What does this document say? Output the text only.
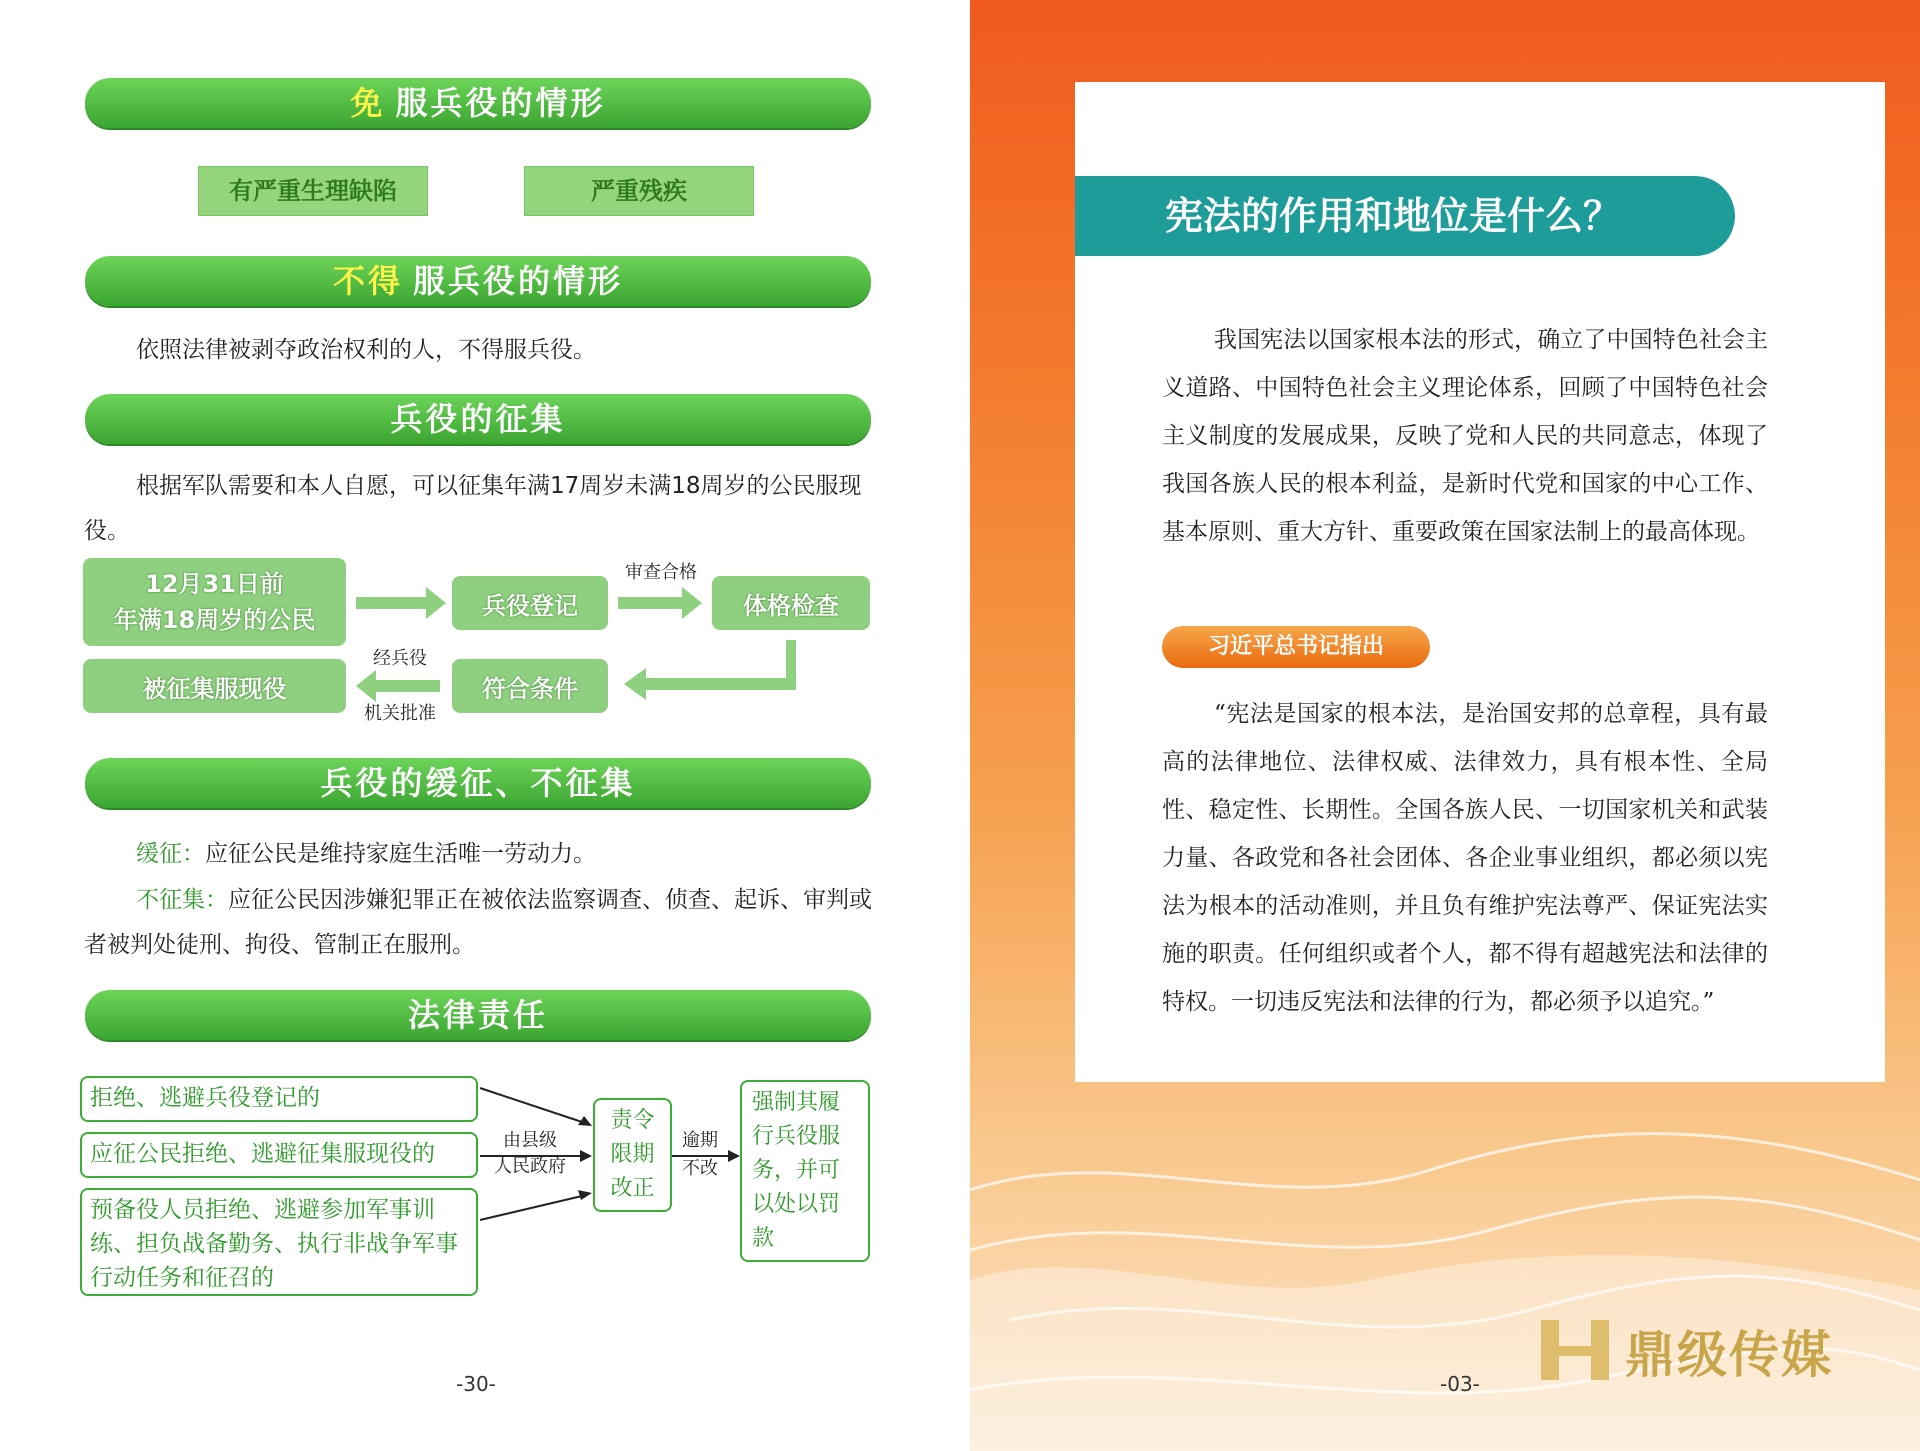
免 服兵役的情形
有严重生理缺陷	严重残疾
不得 服兵役的情形
依照法律被剥夺政治权利的人，不得服兵役。
兵役的征集
根据军队需要和本人自愿，可以征集年满17周岁未满18周岁的公民服现役。
12月31日前
年满18周岁的公民
兵役登记	体格检查
符合条件
被征集服现役
审查合格
经兵役
机关批准
兵役的缓征、不征集
缓征：应征公民是维持家庭生活唯一劳动力。
不征集：应征公民因涉嫌犯罪正在被依法监察调查、侦查、起诉、审判或者被判处徒刑、拘役、管制正在服刑。
法律责任
拒绝、逃避兵役登记的
应征公民拒绝、逃避征集服现役的
预备役人员拒绝、逃避参加军事训练、担负战备勤务、执行非战争军事行动任务和征召的
由县级
人民政府
责令限期改正
逾期
不改
强制其履行兵役服务，并可以处以罚款
-30-
宪法的作用和地位是什么？
我国宪法以国家根本法的形式，确立了中国特色社会主义道路、中国特色社会主义理论体系，回顾了中国特色社会主义制度的发展成果，反映了党和人民的共同意志，体现了我国各族人民的根本利益，是新时代党和国家的中心工作、基本原则、重大方针、重要政策在国家法制上的最高体现。
习近平总书记指出
“宪法是国家的根本法，是治国安邦的总章程，具有最高的法律地位、法律权威、法律效力，具有根本性、全局性、稳定性、长期性。全国各族人民、一切国家机关和武装力量、各政党和各社会团体、各企业事业组织，都必须以宪法为根本的活动准则，并且负有维护宪法尊严、保证宪法实施的职责。任何组织或者个人，都不得有超越宪法和法律的特权。一切违反宪法和法律的行为，都必须予以追究。”
-03-	鼎级传媒
